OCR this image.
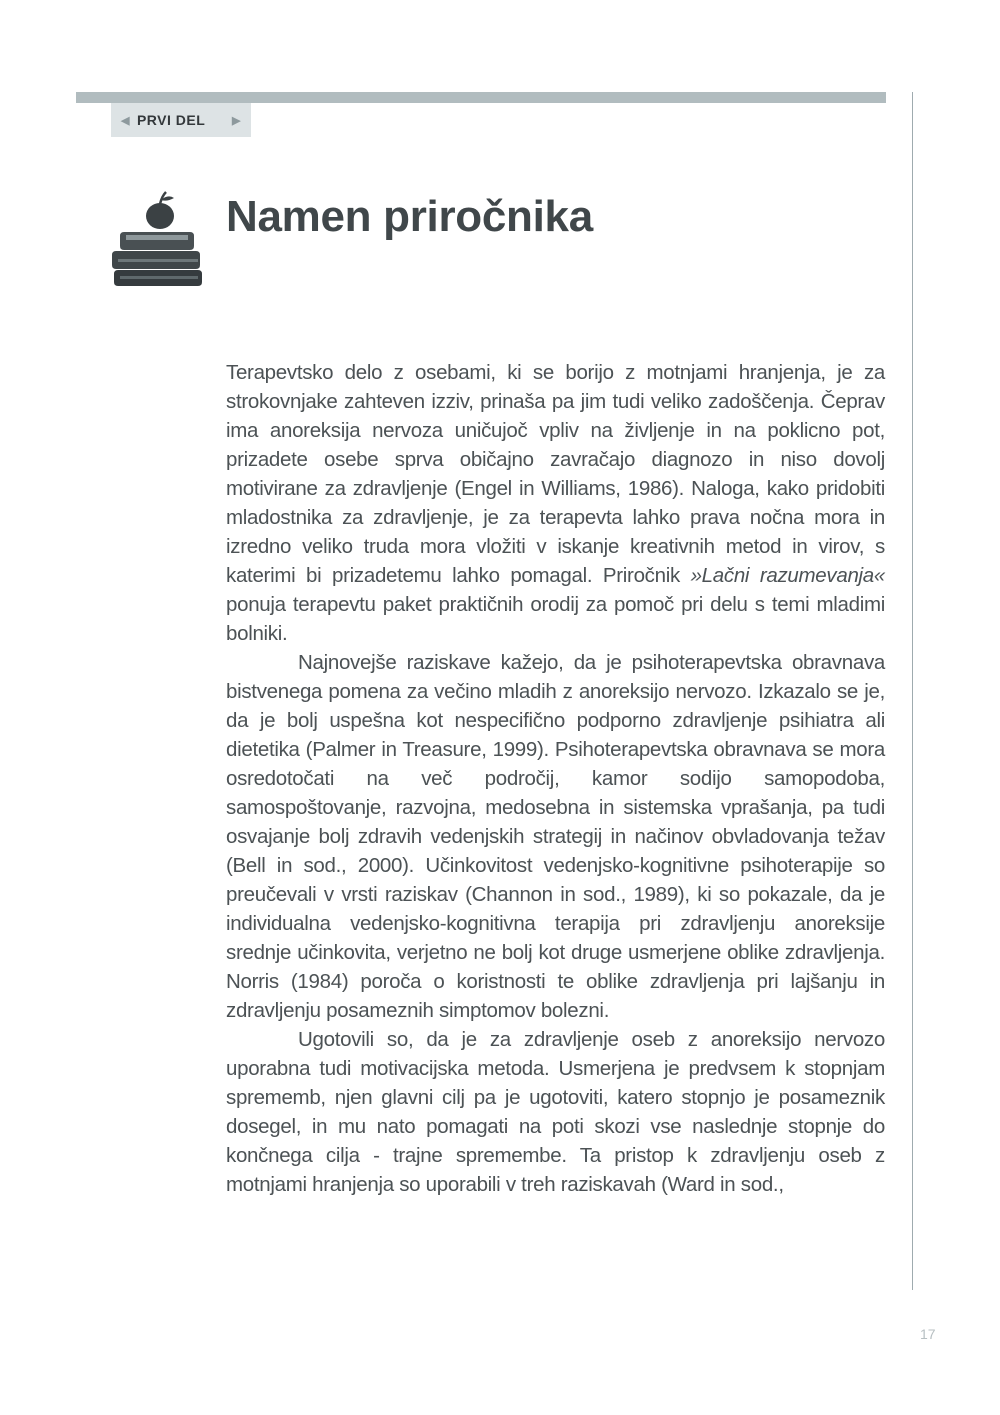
◀ PRVI DEL	▶
Namen priročnika

Terapevtsko delo z osebami, ki se borijo z motnjami hranjenja, je za strokovnjake zahteven izziv, prinaša pa jim tudi veliko zadoščenja. Čeprav ima anoreksija nervoza uničujoč vpliv na življenje in na poklicno pot, prizadete osebe sprva običajno zavračajo diagnozo in niso dovolj motivirane za zdravljenje (Engel in Williams, 1986). Naloga, kako pridobiti mladostnika za zdravljenje, je za terapevta lahko prava nočna mora in izredno veliko truda mora vložiti v iskanje kreativnih metod in virov, s katerimi bi prizadetemu lahko pomagal. Priročnik »Lačni razumevanja« ponuja terapevtu paket praktičnih orodij za pomoč pri delu s temi mladimi bolniki.

Najnovejše raziskave kažejo, da je psihoterapevtska obravnava bistvenega pomena za večino mladih z anoreksijo nervozo. Izkazalo se je, da je bolj uspešna kot nespecifično podporno zdravljenje psihiatra ali dietetika (Palmer in Treasure, 1999). Psihoterapevtska obravnava se mora osredotočati na več področij, kamor sodijo samopodoba, samospoštovanje, razvojna, medosebna in sistemska vprašanja, pa tudi osvajanje bolj zdravih vedenjskih strategij in načinov obvladovanja težav (Bell in sod., 2000). Učinkovitost vedenjsko-kognitivne psihoterapije so preučevali v vrsti raziskav (Channon in sod., 1989), ki so pokazale, da je individualna vedenjsko-kognitivna terapija pri zdravljenju anoreksije srednje učinkovita, verjetno ne bolj kot druge usmerjene oblike zdravljenja. Norris (1984) poroča o koristnosti te oblike zdravljenja pri lajšanju in zdravljenju posameznih simptomov bolezni.

Ugotovili so, da je za zdravljenje oseb z anoreksijo nervozo uporabna tudi motivacijska metoda. Usmerjena je predvsem k stopnjam sprememb, njen glavni cilj pa je ugotoviti, katero stopnjo je posameznik dosegel, in mu nato pomagati na poti skozi vse naslednje stopnje do končnega cilja - trajne spremembe. Ta pristop k zdravljenju oseb z motnjami hranjenja so uporabili v treh raziskavah (Ward in sod.,

17
